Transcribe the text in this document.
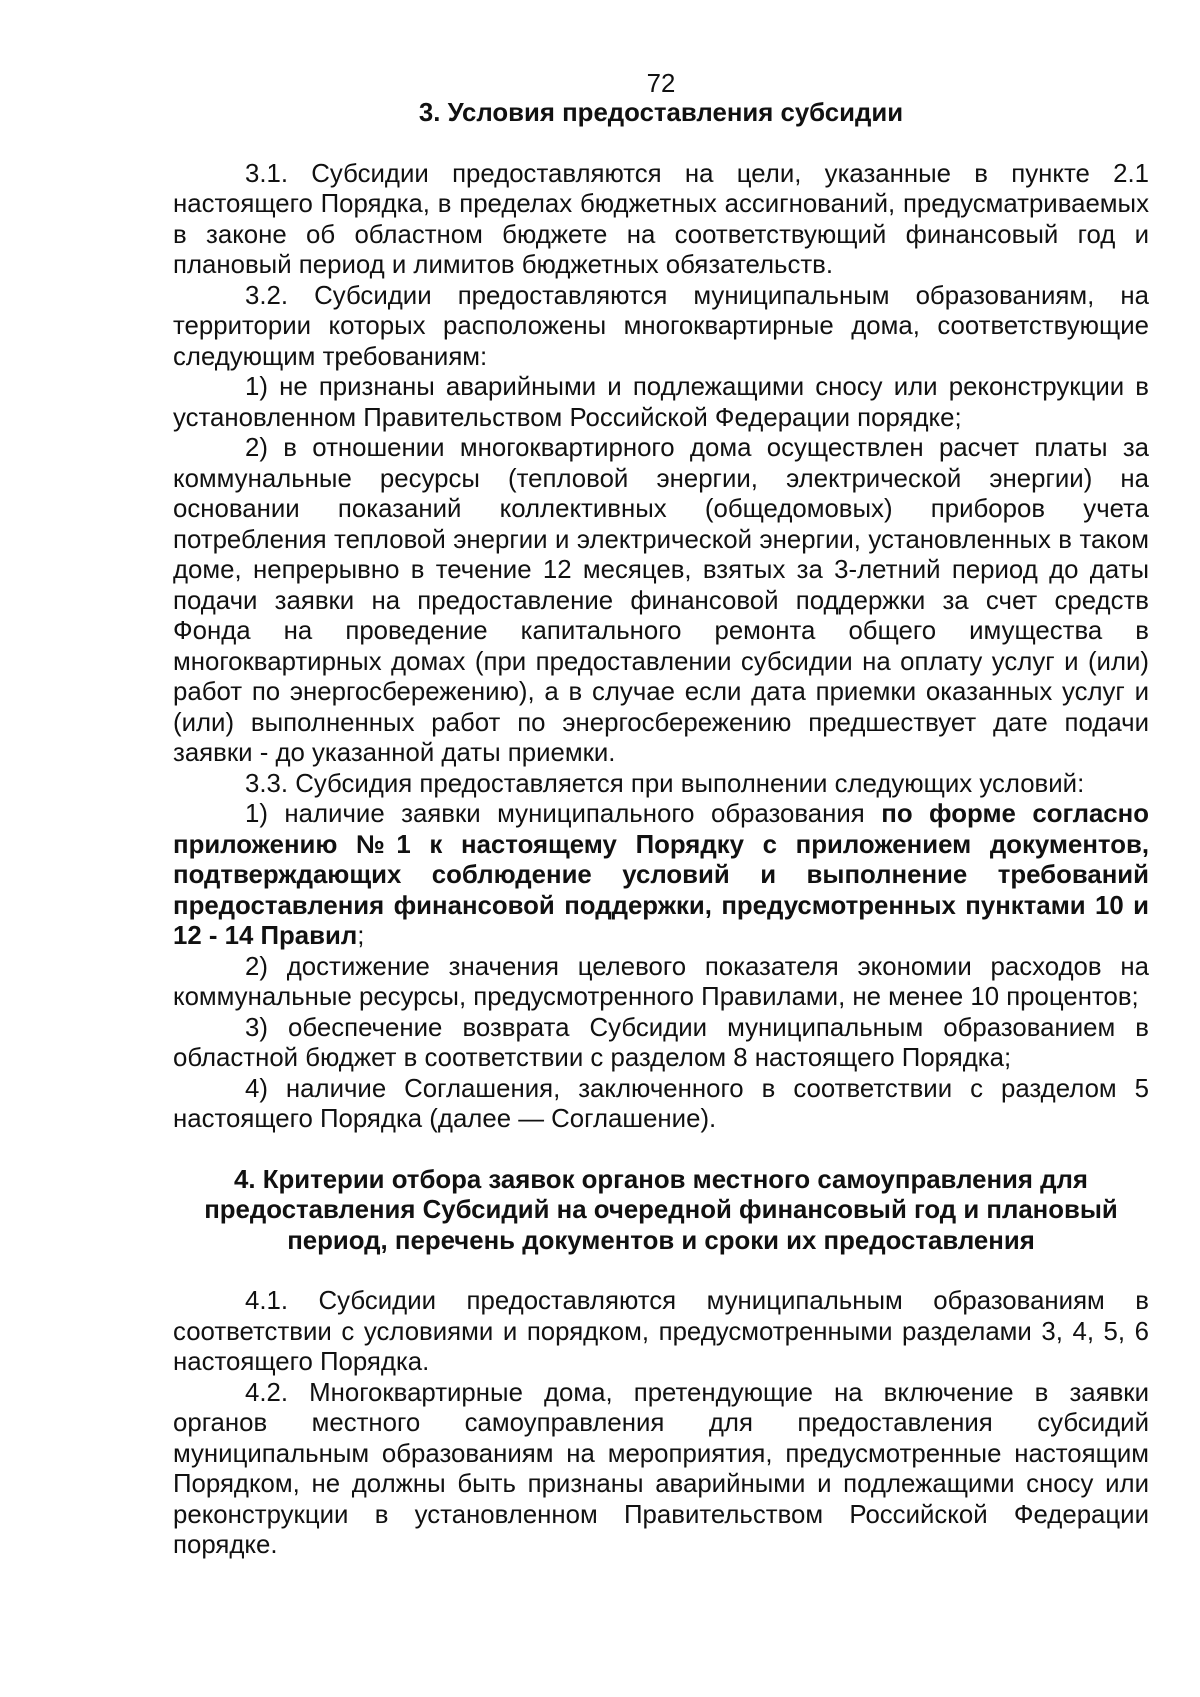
72

3. Условия предоставления субсидии

3.1. Субсидии предоставляются на цели, указанные в пункте 2.1 настоящего Порядка, в пределах бюджетных ассигнований, предусматриваемых в законе об областном бюджете на соответствующий финансовый год и плановый период и лимитов бюджетных обязательств.

3.2. Субсидии предоставляются муниципальным образованиям, на территории которых расположены многоквартирные дома, соответствующие следующим требованиям:

1) не признаны аварийными и подлежащими сносу или реконструкции в установленном Правительством Российской Федерации порядке;

2) в отношении многоквартирного дома осуществлен расчет платы за коммунальные ресурсы (тепловой энергии, электрической энергии) на основании показаний коллективных (общедомовых) приборов учета потребления тепловой энергии и электрической энергии, установленных в таком доме, непрерывно в течение 12 месяцев, взятых за 3-летний период до даты подачи заявки на предоставление финансовой поддержки за счет средств Фонда на проведение капитального ремонта общего имущества в многоквартирных домах (при предоставлении субсидии на оплату услуг и (или) работ по энергосбережению), а в случае если дата приемки оказанных услуг и (или) выполненных работ по энергосбережению предшествует дате подачи заявки - до указанной даты приемки.

3.3. Субсидия предоставляется при выполнении следующих условий:

1) наличие заявки муниципального образования по форме согласно приложению №1 к настоящему Порядку с приложением документов, подтверждающих соблюдение условий и выполнение требований предоставления финансовой поддержки, предусмотренных пунктами 10 и 12 - 14 Правил;

2) достижение значения целевого показателя экономии расходов на коммунальные ресурсы, предусмотренного Правилами, не менее 10 процентов;

3) обеспечение возврата Субсидии муниципальным образованием в областной бюджет в соответствии с разделом 8 настоящего Порядка;

4) наличие Соглашения, заключенного в соответствии с разделом 5 настоящего Порядка (далее — Соглашение).

4. Критерии отбора заявок органов местного самоуправления для
предоставления Субсидий на очередной финансовый год и плановый
период, перечень документов и сроки их предоставления

4.1. Субсидии предоставляются муниципальным образованиям в соответствии с условиями и порядком, предусмотренными разделами 3, 4, 5, 6 настоящего Порядка.

4.2. Многоквартирные дома, претендующие на включение в заявки органов местного самоуправления для предоставления субсидий муниципальным образованиям на мероприятия, предусмотренные настоящим Порядком, не должны быть признаны аварийными и подлежащими сносу или реконструкции в установленном Правительством Российской Федерации порядке.
